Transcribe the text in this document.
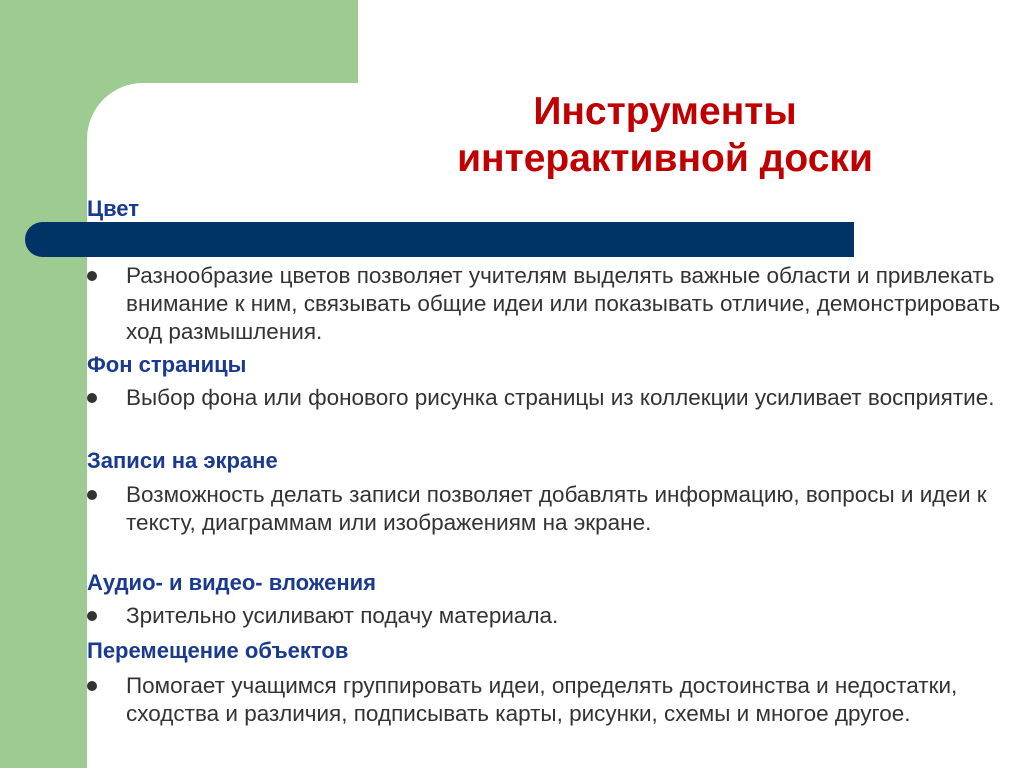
Инструменты
интерактивной доски
Цвет
Разнообразие цветов позволяет учителям выделять важные области и привлекать внимание к ним, связывать общие идеи или показывать отличие, демонстрировать ход размышления.
Фон страницы
Выбор фона или фонового рисунка страницы из коллекции усиливает восприятие.
Записи на экране
Возможность делать записи позволяет добавлять информацию, вопросы и идеи к тексту, диаграммам или изображениям на экране.
Аудио- и видео- вложения
Зрительно усиливают подачу материала.
Перемещение объектов
Помогает учащимся группировать идеи, определять достоинства и недостатки, сходства и различия, подписывать карты, рисунки, схемы и многое другое.
